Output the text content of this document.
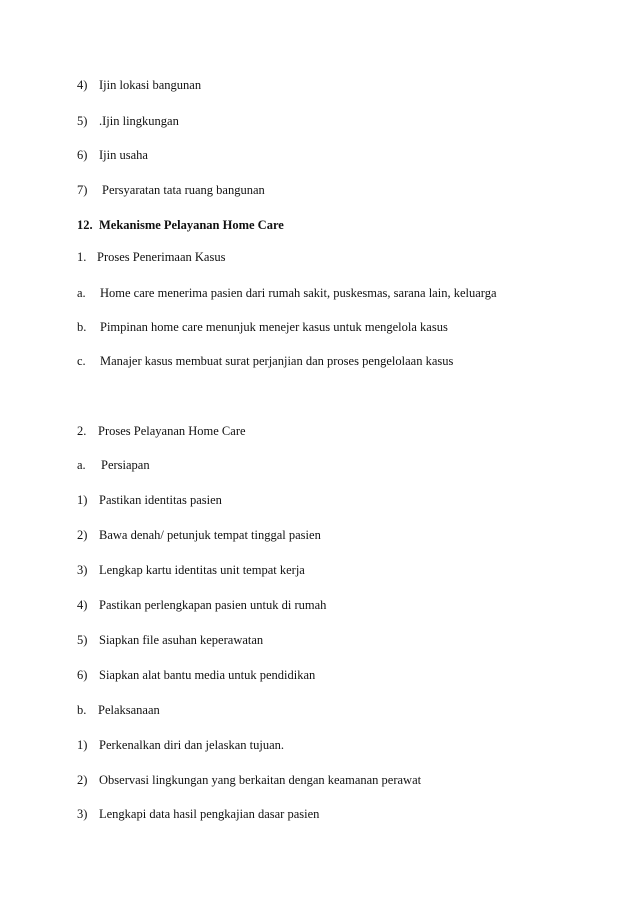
4) Ijin lokasi bangunan
5) .Ijin lingkungan
6) Ijin usaha
7)	Persyaratan tata ruang bangunan
12. Mekanisme Pelayanan Home Care
1. Proses Penerimaan Kasus
a.	Home care menerima pasien dari rumah sakit, puskesmas, sarana lain, keluarga
b.	Pimpinan home care menunjuk menejer kasus untuk mengelola kasus
c.	Manajer kasus membuat surat perjanjian dan proses pengelolaan kasus
2. Proses Pelayanan Home Care
a.	Persiapan
1) Pastikan identitas pasien
2) Bawa denah/ petunjuk tempat tinggal pasien
3) Lengkap kartu identitas unit tempat kerja
4) Pastikan perlengkapan pasien untuk di rumah
5) Siapkan file asuhan keperawatan
6) Siapkan alat bantu media untuk pendidikan
b. Pelaksanaan
1) Perkenalkan diri dan jelaskan tujuan.
2) Observasi lingkungan yang berkaitan dengan keamanan perawat
3) Lengkapi data hasil pengkajian dasar pasien
